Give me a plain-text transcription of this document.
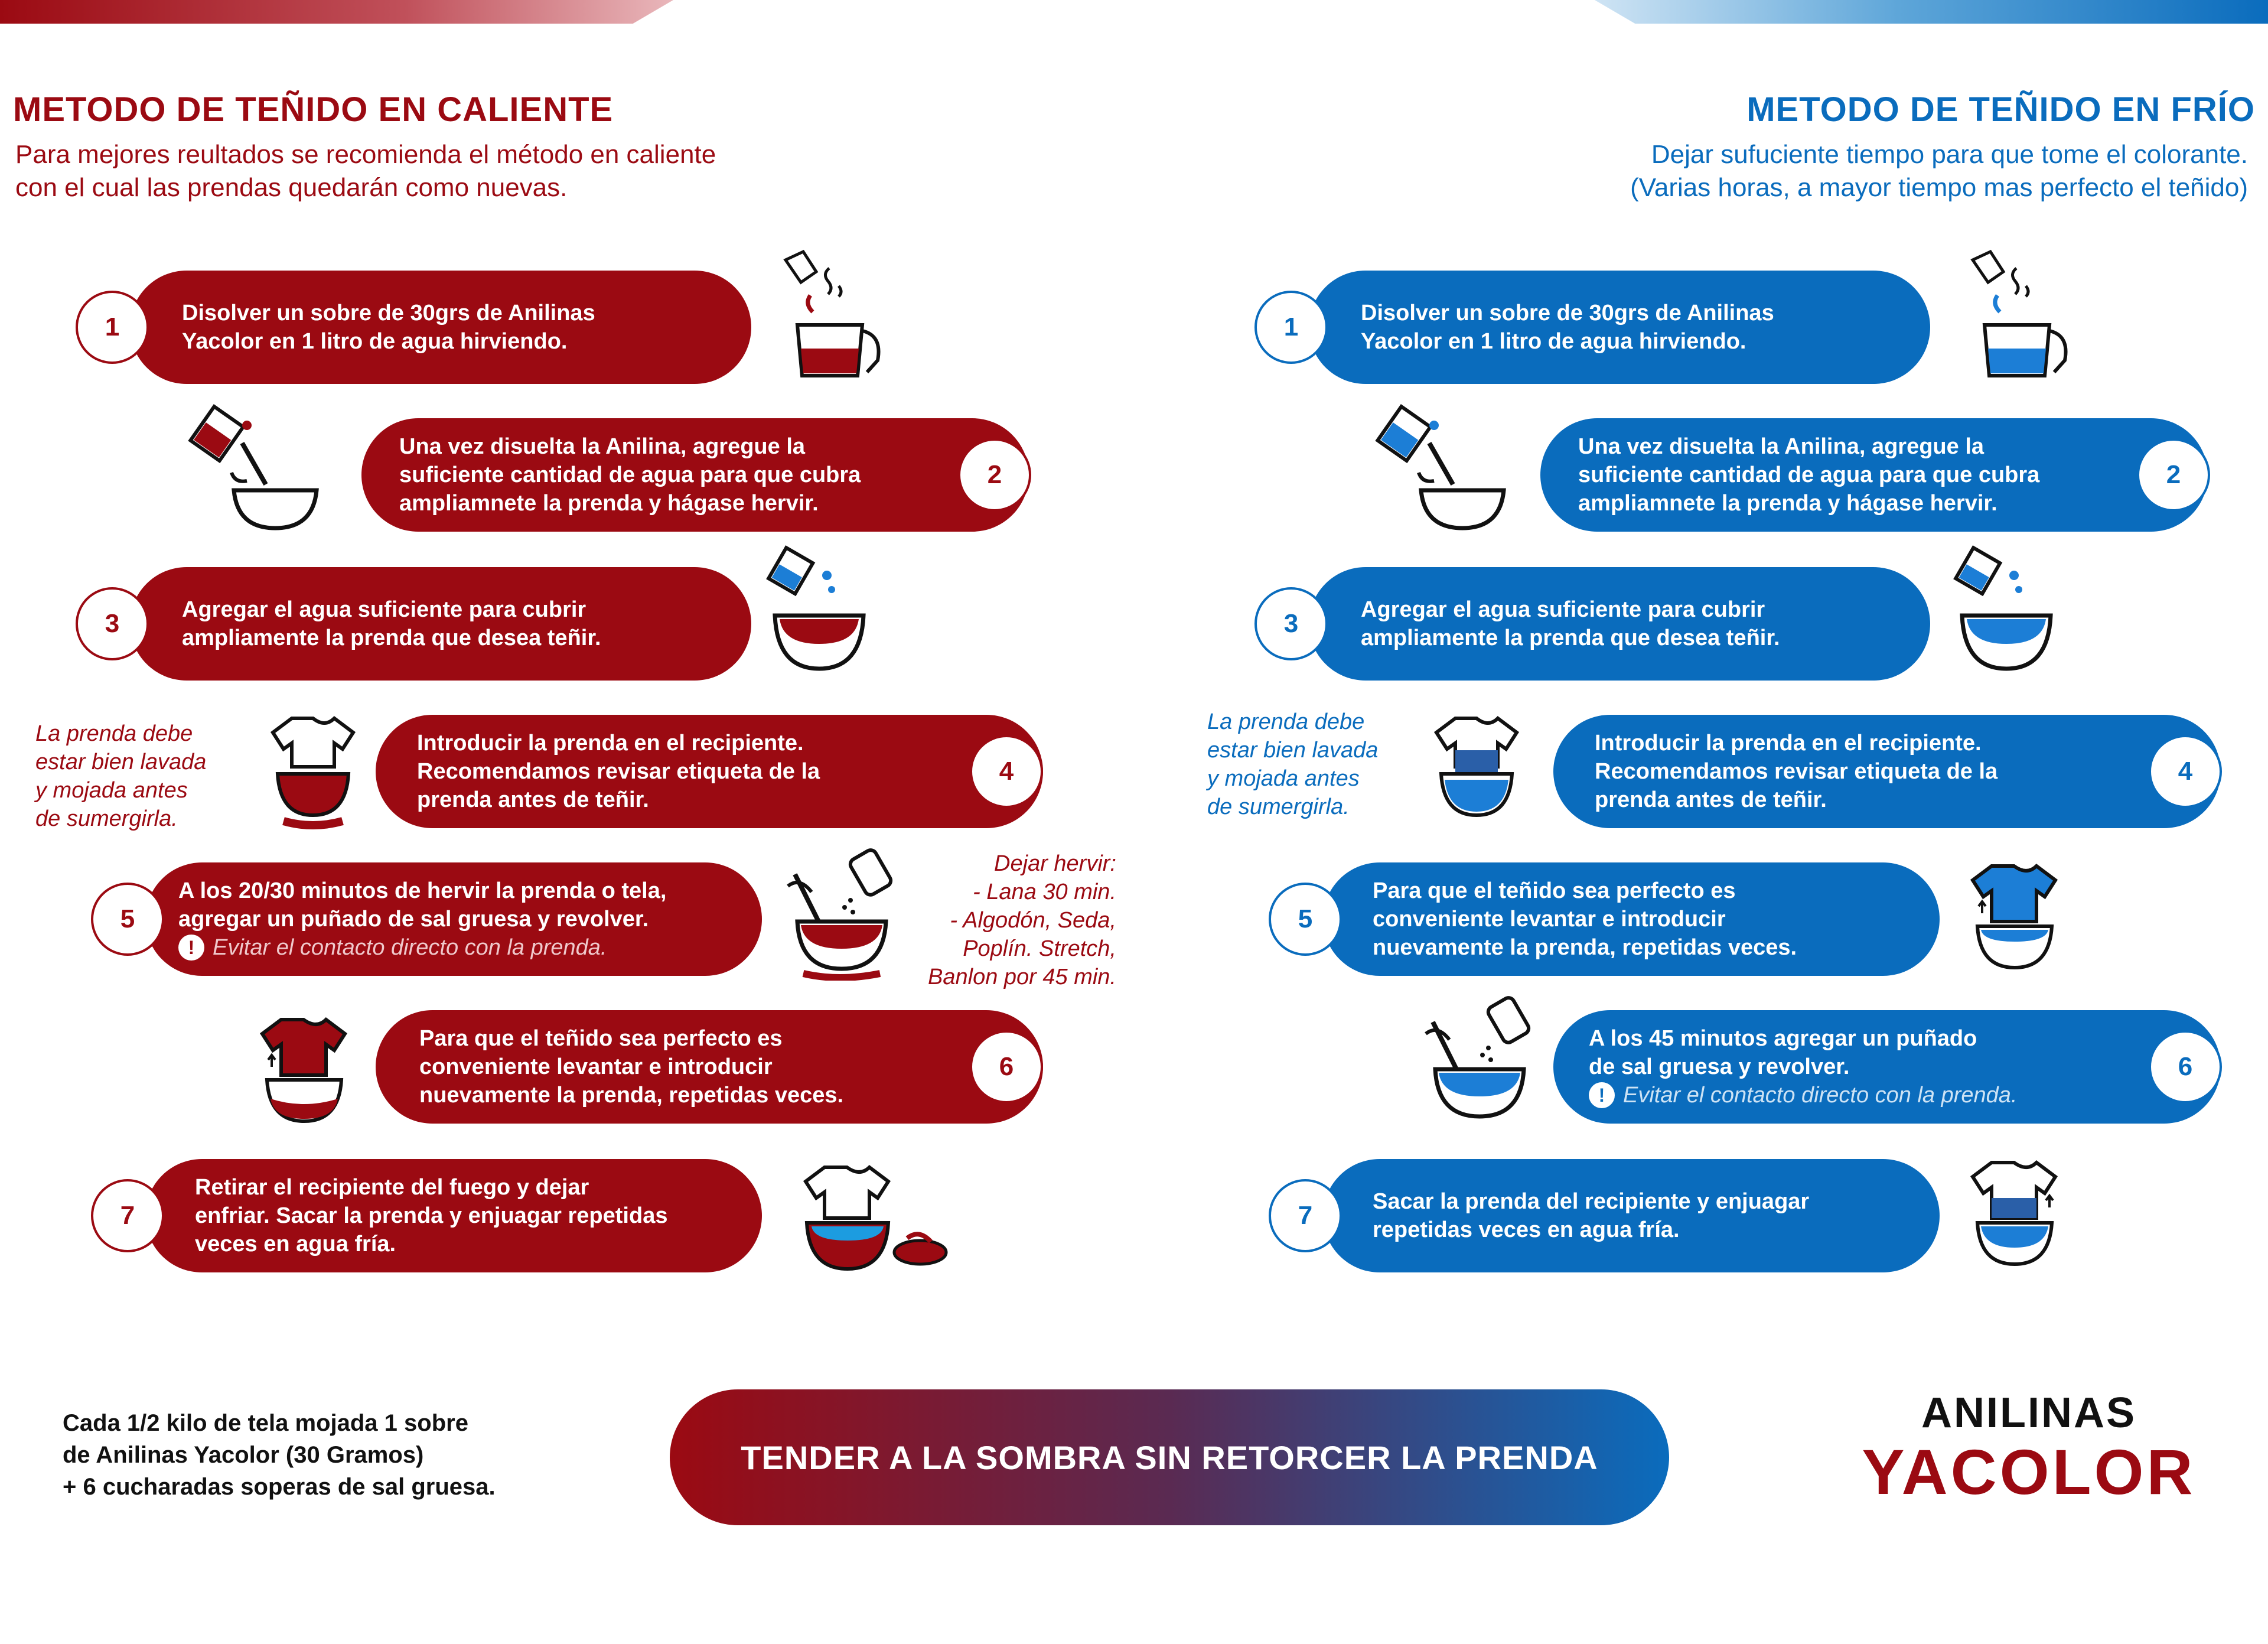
METODO DE TEÑIDO EN CALIENTE
Para mejores reultados se recomienda el método en caliente
con el cual las prendas quedarán como nuevas.
METODO DE TEÑIDO EN FRÍO
Dejar sufuciente tiempo para que tome el colorante.
(Varias horas, a mayor tiempo mas perfecto el teñido)
Disolver un sobre de 30grs de Anilinas
Yacolor en 1 litro de agua hirviendo.
1
Una vez disuelta la Anilina, agregue la
suficiente cantidad de agua para que cubra
ampliamnete la prenda y hágase hervir.
2
Agregar el agua suficiente para cubrir
ampliamente la prenda que desea teñir.
3
La prenda debe
estar bien lavada
y mojada antes
de sumergirla.
Introducir la prenda en el recipiente.
Recomendamos revisar etiqueta de la
prenda antes de teñir.
4
A los 20/30 minutos de hervir la prenda o tela,
agregar un puñado de sal gruesa y revolver.
! Evitar el contacto directo con la prenda.
5
Dejar hervir:
- Lana 30 min.
- Algodón, Seda,
Poplín. Stretch,
Banlon por 45 min.
Para que el teñido sea perfecto es
conveniente levantar e introducir
nuevamente la prenda, repetidas veces.
6
Retirar el recipiente del fuego y dejar
enfriar. Sacar la prenda y enjuagar repetidas
veces en agua fría.
7
Disolver un sobre de 30grs de Anilinas
Yacolor en 1 litro de agua hirviendo.
1
Una vez disuelta la Anilina, agregue la
suficiente cantidad de agua para que cubra
ampliamnete la prenda y hágase hervir.
2
Agregar el agua suficiente para cubrir
ampliamente la prenda que desea teñir.
3
La prenda debe
estar bien lavada
y mojada antes
de sumergirla.
Introducir la prenda en el recipiente.
Recomendamos revisar etiqueta de la
prenda antes de teñir.
4
Para que el teñido sea perfecto es
conveniente levantar e introducir
nuevamente la prenda, repetidas veces.
5
A los 45 minutos agregar un puñado
de sal gruesa y revolver.
! Evitar el contacto directo con la prenda.
6
Sacar la prenda del recipiente y enjuagar
repetidas veces en agua fría.
7
Cada 1/2 kilo de tela mojada 1 sobre
de Anilinas Yacolor (30 Gramos)
+ 6 cucharadas soperas de sal gruesa.
TENDER A LA SOMBRA SIN RETORCER LA PRENDA
ANILINAS
YACOLOR
